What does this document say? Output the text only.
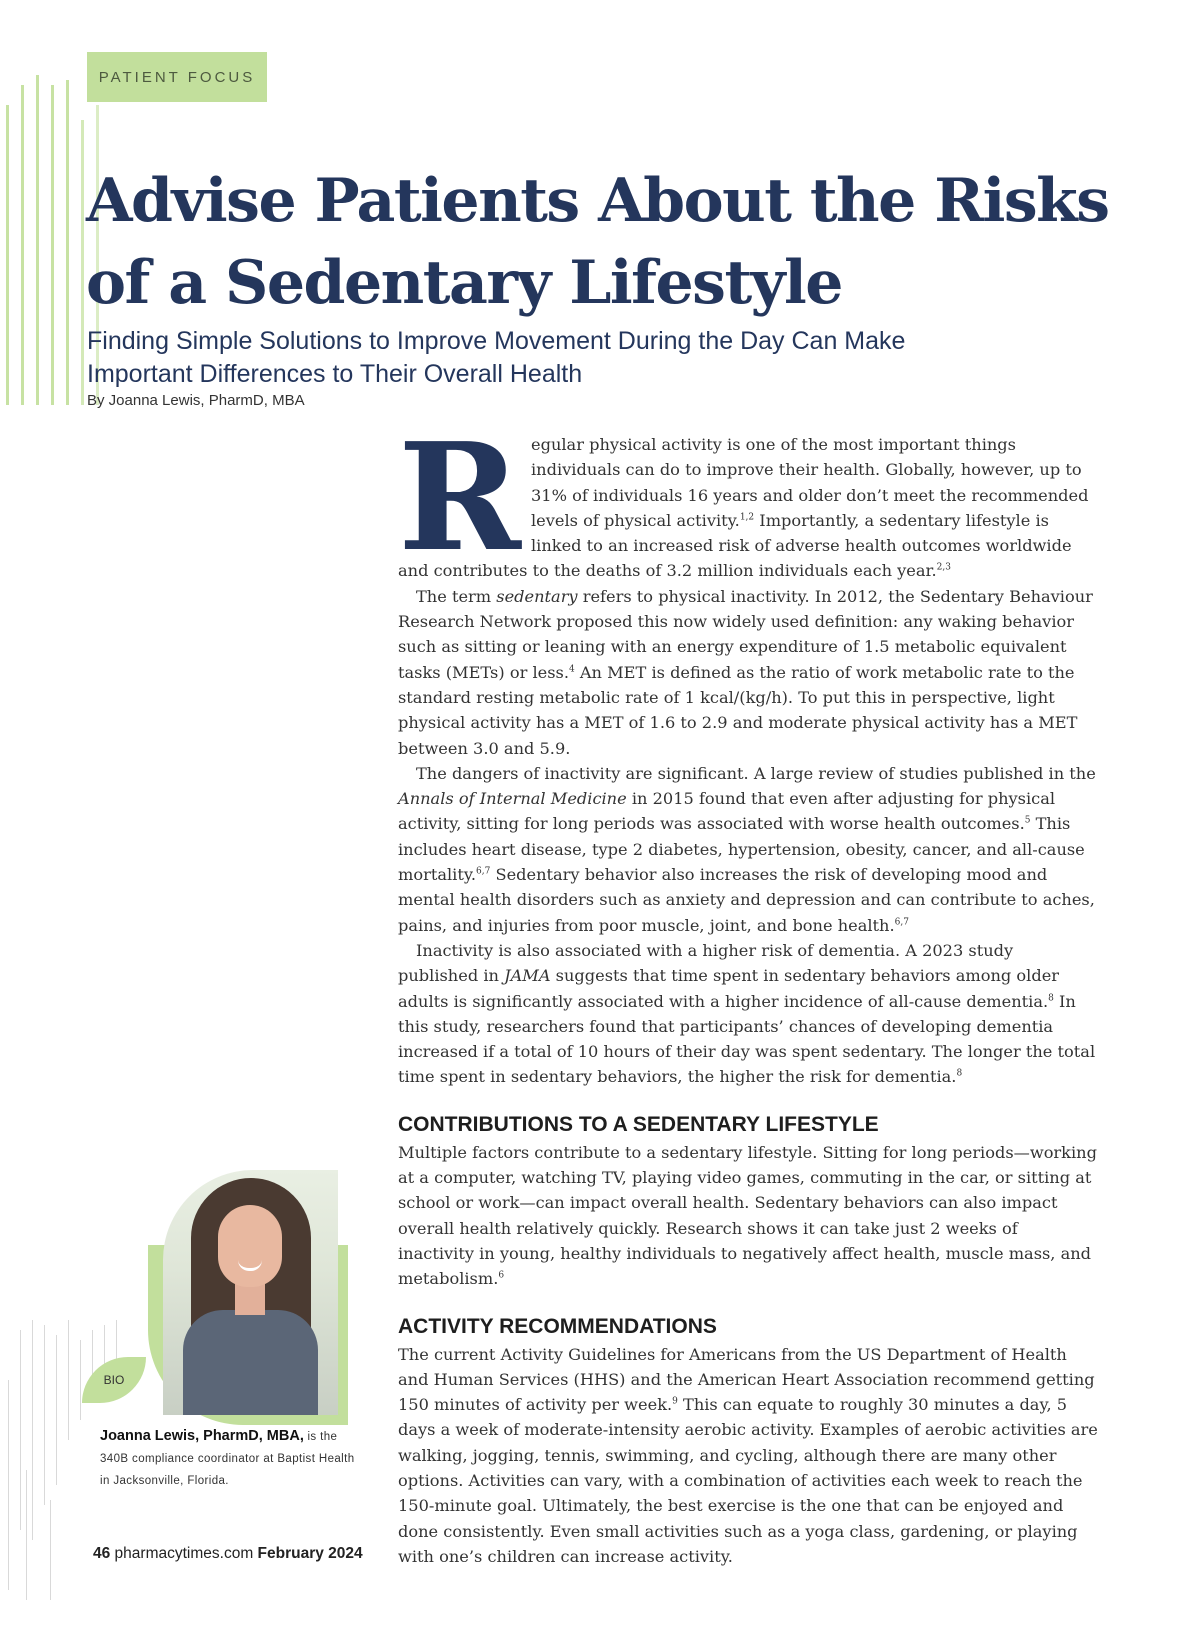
PATIENT FOCUS
Advise Patients About the Risks of a Sedentary Lifestyle

Finding Simple Solutions to Improve Movement During the Day Can Make Important Differences to Their Overall Health

By Joanna Lewis, PharmD, MBA

Regular physical activity is one of the most important things individuals can do to improve their health. Globally, however, up to 31% of individuals 16 years and older don’t meet the recommended levels of physical activity.$^{1,2}$ Importantly, a sedentary lifestyle is linked to an increased risk of adverse health outcomes worldwide and contributes to the deaths of 3.2 million individuals each year.$^{2,3}$

The term sedentary refers to physical inactivity. In 2012, the Sedentary Behaviour Research Network proposed this now widely used definition: any waking behavior such as sitting or leaning with an energy expenditure of 1.5 metabolic equivalent tasks (METs) or less.$^4$ An MET is defined as the ratio of work metabolic rate to the standard resting metabolic rate of 1 kcal/(kg/h). To put this in perspective, light physical activity has a MET of 1.6 to 2.9 and moderate physical activity has a MET between 3.0 and 5.9.

The dangers of inactivity are significant. A large review of studies published in the Annals of Internal Medicine in 2015 found that even after adjusting for physical activity, sitting for long periods was associated with worse health outcomes.$^5$ This includes heart disease, type 2 diabetes, hypertension, obesity, cancer, and all-cause mortality.$^{6,7}$ Sedentary behavior also increases the risk of developing mood and mental health disorders such as anxiety and depression and can contribute to aches, pains, and injuries from poor muscle, joint, and bone health.$^{6,7}$

Inactivity is also associated with a higher risk of dementia. A 2023 study published in JAMA suggests that time spent in sedentary behaviors among older adults is significantly associated with a higher incidence of all-cause dementia.$^8$ In this study, researchers found that participants’ chances of developing dementia increased if a total of 10 hours of their day was spent sedentary. The longer the total time spent in sedentary behaviors, the higher the risk for dementia.$^8$

CONTRIBUTIONS TO A SEDENTARY LIFESTYLE

Multiple factors contribute to a sedentary lifestyle. Sitting for long periods—working at a computer, watching TV, playing video games, commuting in the car, or sitting at school or work—can impact overall health. Sedentary behaviors can also impact overall health relatively quickly. Research shows it can take just 2 weeks of inactivity in young, healthy individuals to negatively affect health, muscle mass, and metabolism.$^6$

ACTIVITY RECOMMENDATIONS

The current Activity Guidelines for Americans from the US Department of Health and Human Services (HHS) and the American Heart Association recommend getting 150 minutes of activity per week.$^9$ This can equate to roughly 30 minutes a day, 5 days a week of moderate-intensity aerobic activity. Examples of aerobic activities are walking, jogging, tennis, swimming, and cycling, although there are many other options. Activities can vary, with a combination of activities each week to reach the 150-minute goal. Ultimately, the best exercise is the one that can be enjoyed and done consistently. Even small activities such as a yoga class, gardening, or playing with one’s children can increase activity.

BIO
Joanna Lewis, PharmD, MBA, is the 340B compliance coordinator at Baptist Health in Jacksonville, Florida.
46 pharmacytimes.com February 2024
